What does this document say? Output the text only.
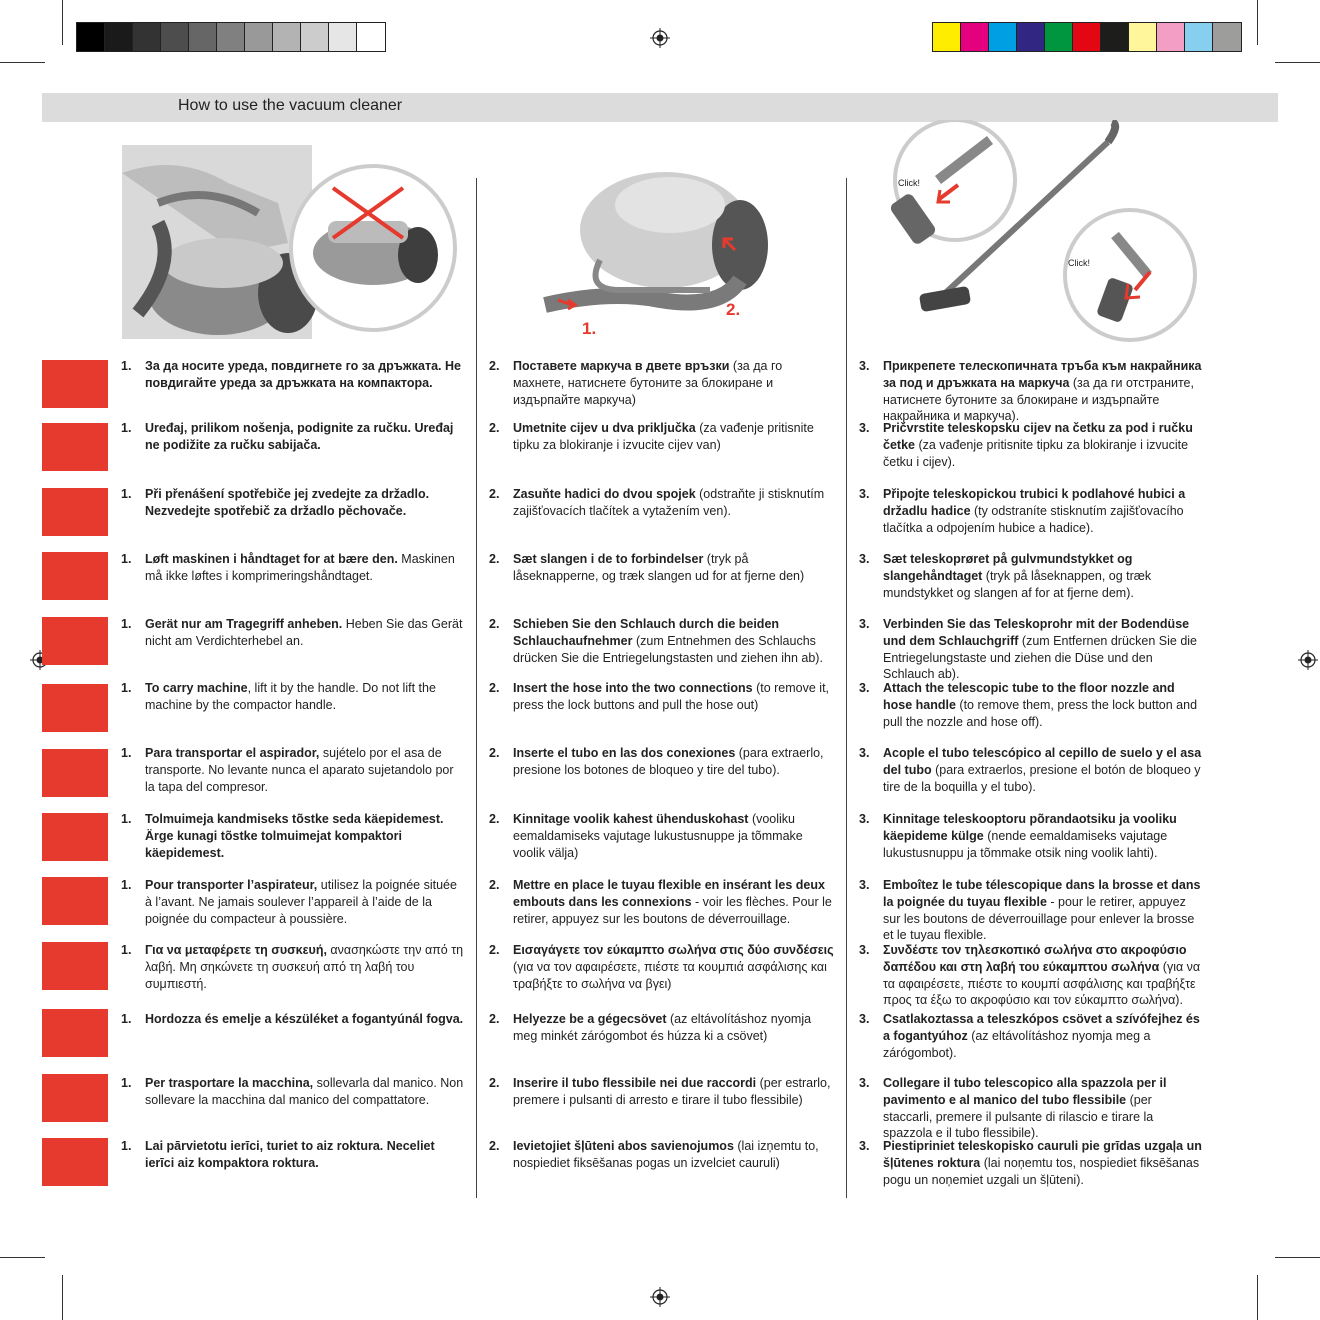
How to use the vacuum cleaner
1.
2.
Click!
Click!
1. За да носите уреда, повдигнете го за дръжката. Не повдигайте уреда за дръжката на компактора.
2. Поставете маркуча в двете връзки (за да го махнете, натиснете бутоните за блокиране и издърпайте маркуча)
3. Прикрепете телескопичната тръба към накрайника за под и дръжката на маркуча (за да ги отстраните, натиснете бутоните за блокиране и издърпайте накрайника и маркуча).
1. Uređaj, prilikom nošenja, podignite za ručku. Uređaj ne podižite za ručku sabijača.
2. Umetnite cijev u dva priključka (za vađenje pritisnite tipku za blokiranje i izvucite cijev van)
3. Pričvrstite teleskopsku cijev na četku za pod i ručku četke (za vađenje pritisnite tipku za blokiranje i izvucite četku i cijev).
1. Při přenášení spotřebiče jej zvedejte za držadlo. Nezvedejte spotřebič za držadlo pěchovače.
2. Zasuňte hadici do dvou spojek (odstraňte ji stisknutím zajišťovacích tlačítek a vytažením ven).
3. Připojte teleskopickou trubici k podlahové hubici a držadlu hadice (ty odstraníte stisknutím zajišťovacího tlačítka a odpojením hubice a hadice).
1. Løft maskinen i håndtaget for at bære den. Maskinen må ikke løftes i komprimeringshåndtaget.
2. Sæt slangen i de to forbindelser (tryk på låseknapperne, og træk slangen ud for at fjerne den)
3. Sæt teleskoprøret på gulvmundstykket og slangehåndtaget (tryk på låseknappen, og træk mundstykket og slangen af for at fjerne dem).
1. Gerät nur am Tragegriff anheben. Heben Sie das Gerät nicht am Verdichterhebel an.
2. Schieben Sie den Schlauch durch die beiden Schlauchaufnehmer (zum Entnehmen des Schlauchs drücken Sie die Entriegelungstasten und ziehen ihn ab).
3. Verbinden Sie das Teleskoprohr mit der Bodendüse und dem Schlauchgriff (zum Entfernen drücken Sie die Entriegelungstaste und ziehen die Düse und den Schlauch ab).
1. To carry machine, lift it by the handle. Do not lift the machine by the compactor handle.
2. Insert the hose into the two connections (to remove it, press the lock buttons and pull the hose out)
3. Attach the telescopic tube to the floor nozzle and hose handle (to remove them, press the lock button and pull the nozzle and hose off).
1. Para transportar el aspirador, sujételo por el asa de transporte. No levante nunca el aparato sujetandolo por la tapa del compresor.
2. Inserte el tubo en las dos conexiones (para extraerlo, presione los botones de bloqueo y tire del tubo).
3. Acople el tubo telescópico al cepillo de suelo y el asa del tubo (para extraerlos, presione el botón de bloqueo y tire de la boquilla y el tubo).
1. Tolmuimeja kandmiseks tõstke seda käepidemest. Ärge kunagi tõstke tolmuimejat kompaktori käepidemest.
2. Kinnitage voolik kahest ühenduskohast (vooliku eemaldamiseks vajutage lukustusnuppe ja tõmmake voolik välja)
3. Kinnitage teleskooptoru põrandaotsiku ja vooliku käepideme külge (nende eemaldamiseks vajutage lukustusnuppu ja tõmmake otsik ning voolik lahti).
1. Pour transporter l’aspirateur, utilisez la poignée située à l’avant. Ne jamais soulever l’appareil à l’aide de la poignée du compacteur à poussière.
2. Mettre en place le tuyau flexible en insérant les deux embouts dans les connexions - voir les flèches. Pour le retirer, appuyez sur les boutons de déverrouillage.
3. Emboîtez le tube télescopique dans la brosse et dans la poignée du tuyau flexible - pour le retirer, appuyez sur les boutons de déverrouillage pour enlever la brosse et le tuyau flexible.
1. Για να μεταφέρετε τη συσκευή, ανασηκώστε την από τη λαβή. Μη σηκώνετε τη συσκευή από τη λαβή του συμπιεστή.
2. Εισαγάγετε τον εύκαμπτο σωλήνα στις δύο συνδέσεις (για να τον αφαιρέσετε, πιέστε τα κουμπιά ασφάλισης και τραβήξτε το σωλήνα να βγει)
3. Συνδέστε τον τηλεσκοπικό σωλήνα στο ακροφύσιο δαπέδου και στη λαβή του εύκαμπτου σωλήνα (για να τα αφαιρέσετε, πιέστε το κουμπί ασφάλισης και τραβήξτε προς τα έξω το ακροφύσιο και τον εύκαμπτο σωλήνα).
1. Hordozza és emelje a készüléket a fogantyúnál fogva. 2. Helyezze be a gégecsövet (az eltávolításhoz nyomja meg minkét zárógombot és húzza ki a csövet)
3. Csatlakoztassa a teleszkópos csövet a szívófejhez és a fogantyúhoz (az eltávolításhoz nyomja meg a zárógombot).
1. Per trasportare la macchina, sollevarla dal manico. Non sollevare la macchina dal manico del compattatore.
2. Inserire il tubo flessibile nei due raccordi (per estrarlo, premere i pulsanti di arresto e tirare il tubo flessibile)
3. Collegare il tubo telescopico alla spazzola per il pavimento e al manico del tubo flessibile (per staccarli, premere il pulsante di rilascio e tirare la spazzola e il tubo flessibile).
1. Lai pārvietotu ierīci, turiet to aiz roktura. Neceliet ierīci aiz kompaktora roktura.
2. Ievietojiet šļūteni abos savienojumos (lai izņemtu to, nospiediet fiksēšanas pogas un izvelciet cauruli)
3. Piestipriniet teleskopisko cauruli pie grīdas uzgaļa un šļūtenes roktura (lai noņemtu tos, nospiediet fiksēšanas pogu un noņemiet uzgali un šļūteni).
